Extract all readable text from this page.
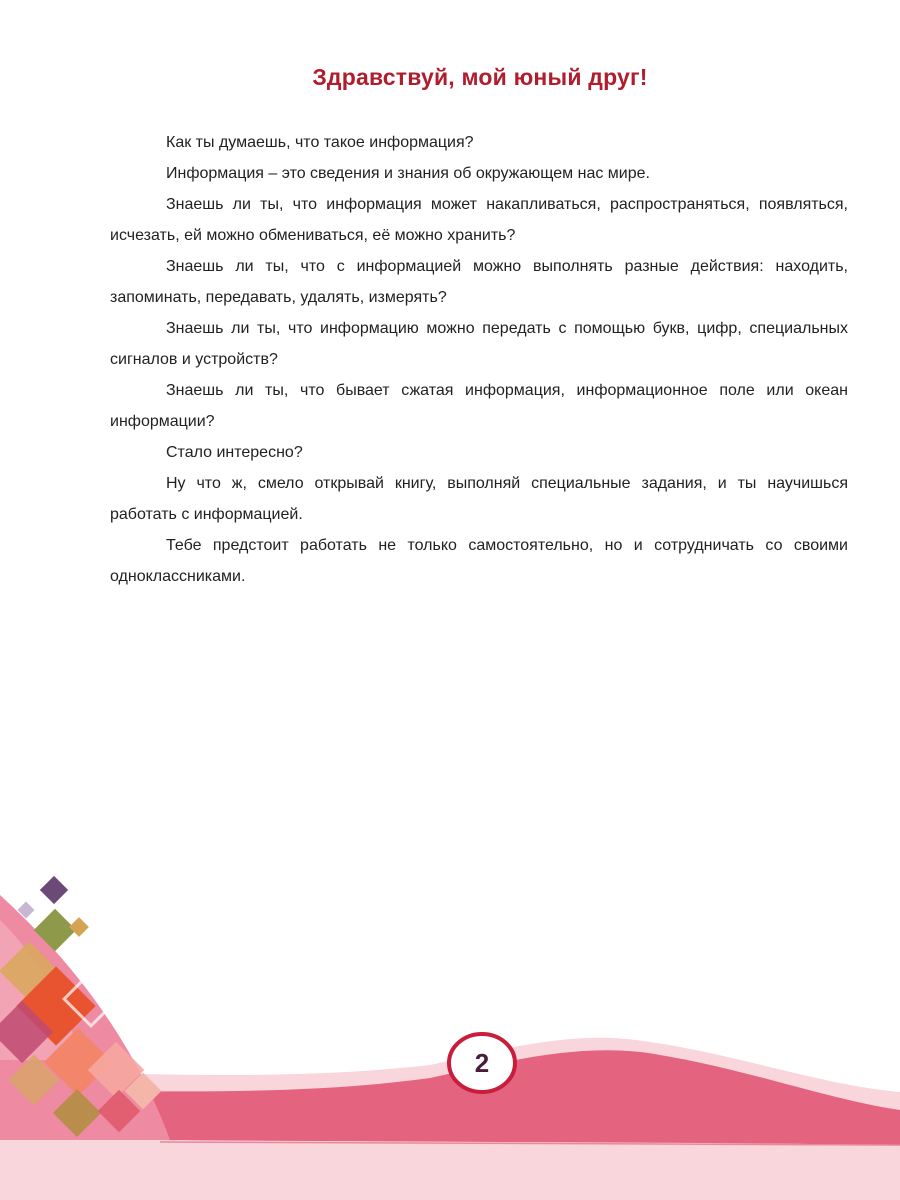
Здравствуй, мой юный друг!

Как ты думаешь, что такое информация?

Информация – это сведения и знания об окружающем нас мире.

Знаешь ли ты, что информация может накапливаться, распространяться, появляться, исчезать, ей можно обмениваться, её можно хранить?

Знаешь ли ты, что с информацией можно выполнять разные действия: находить, запоминать, передавать, удалять, измерять?

Знаешь ли ты, что информацию можно передать с помощью букв, цифр, специальных сигналов и устройств?

Знаешь ли ты, что бывает сжатая информация, информационное поле или океан информации?

Стало интересно?

Ну что ж, смело открывай книгу, выполняй специальные задания, и ты научишься работать с информацией.

Тебе предстоит работать не только самостоятельно, но и сотрудничать со своими одноклассниками.

2
